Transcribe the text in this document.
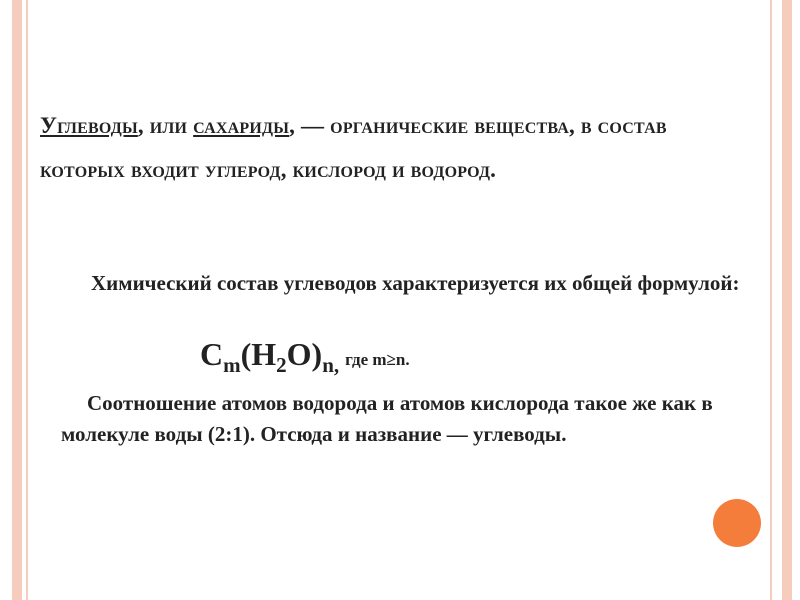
Углеводы, или сахариды, — органические вещества, в состав которых входит углерод, кислород и водород.
Химический состав углеводов характеризуется их общей формулой:
Cm(H2O)n, где m≥n.
Соотношение атомов водорода и атомов кислорода такое же как в молекуле воды (2:1). Отсюда и название — углеводы.
